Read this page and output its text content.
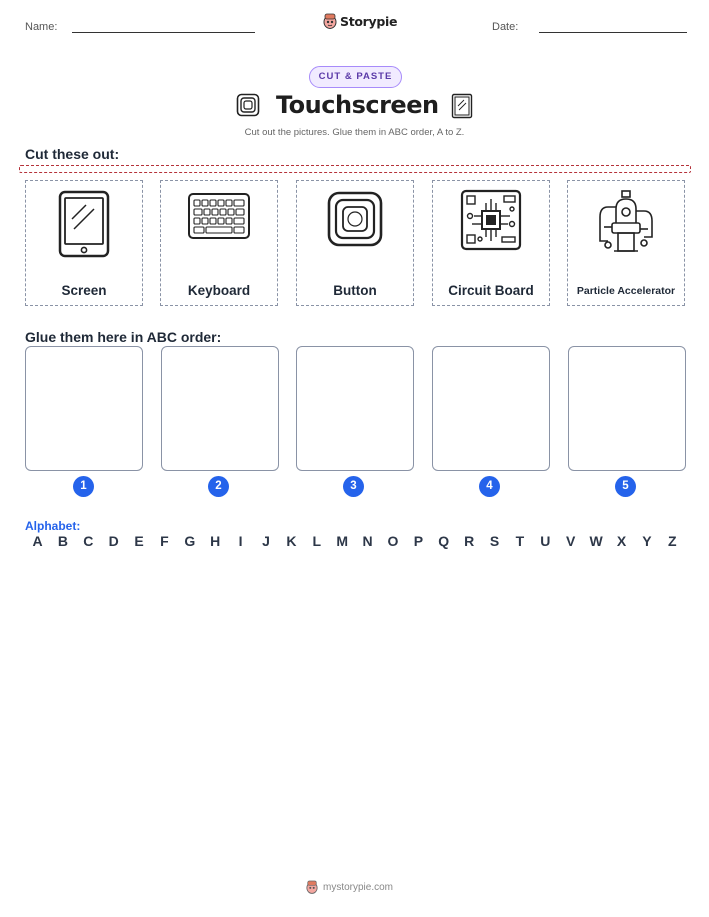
Name:	Storypie	Date:
CUT & PASTE
Touchscreen
Cut out the pictures. Glue them in ABC order, A to Z.
Cut these out:
Screen	Keyboard	Button	Circuit Board	Particle Accelerator
Glue them here in ABC order:
1	2	3	4	5
Alphabet:
A	B	C	D	E	F	G	H	I	J	K	L	M	N	O	P	Q	R	S	T	U	V	W	X	Y	Z
mystorypie.com
